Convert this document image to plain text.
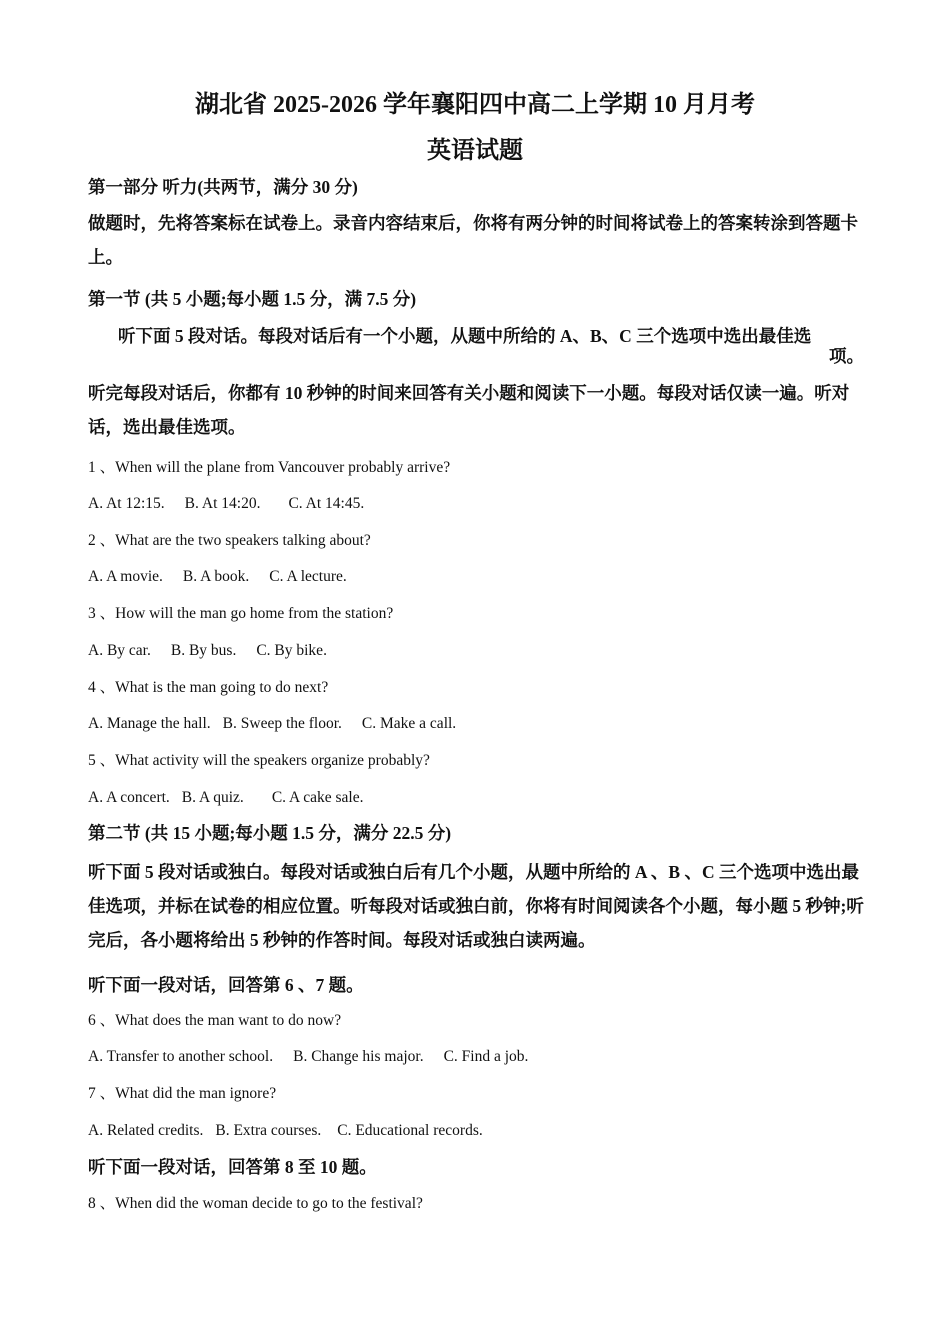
湖北省 2025-2026 学年襄阳四中高二上学期 10 月月考
英语试题
第一部分 听力(共两节，满分 30 分)
做题时，先将答案标在试卷上。录音内容结束后，你将有两分钟的时间将试卷上的答案转涂到答题卡上。
第一节 (共 5 小题;每小题 1.5 分，满 7.5 分)
听下面 5 段对话。每段对话后有一个小题，从题中所给的 A、B、C 三个选项中选出最佳选
项。
听完每段对话后，你都有 10 秒钟的时间来回答有关小题和阅读下一小题。每段对话仅读一遍。听对话，选出最佳选项。
1 、When will the plane from Vancouver probably arrive?
A. At 12:15. B. At 14:20. C. At 14:45.
2 、What are the two speakers talking about?
A. A movie. B. A book. C. A lecture.
3 、How will the man go home from the station?
A. By car. B. By bus. C. By bike.
4 、What is the man going to do next?
A. Manage the hall. B. Sweep the floor. C. Make a call.
5 、What activity will the speakers organize probably?
A. A concert. B. A quiz. C. A cake sale.
第二节 (共 15 小题;每小题 1.5 分，满分 22.5 分)
听下面 5 段对话或独白。每段对话或独白后有几个小题，从题中所给的 A 、B 、C 三个选项中选出最佳选项，并标在试卷的相应位置。听每段对话或独白前，你将有时间阅读各个小题，每小题 5 秒钟;听完后，各小题将给出 5 秒钟的作答时间。每段对话或独白读两遍。
听下面一段对话，回答第 6 、7 题。
6 、What does the man want to do now?
A. Transfer to another school. B. Change his major. C. Find a job.
7 、What did the man ignore?
A. Related credits. B. Extra courses. C. Educational records.
听下面一段对话，回答第 8 至 10 题。
8 、When did the woman decide to go to the festival?
